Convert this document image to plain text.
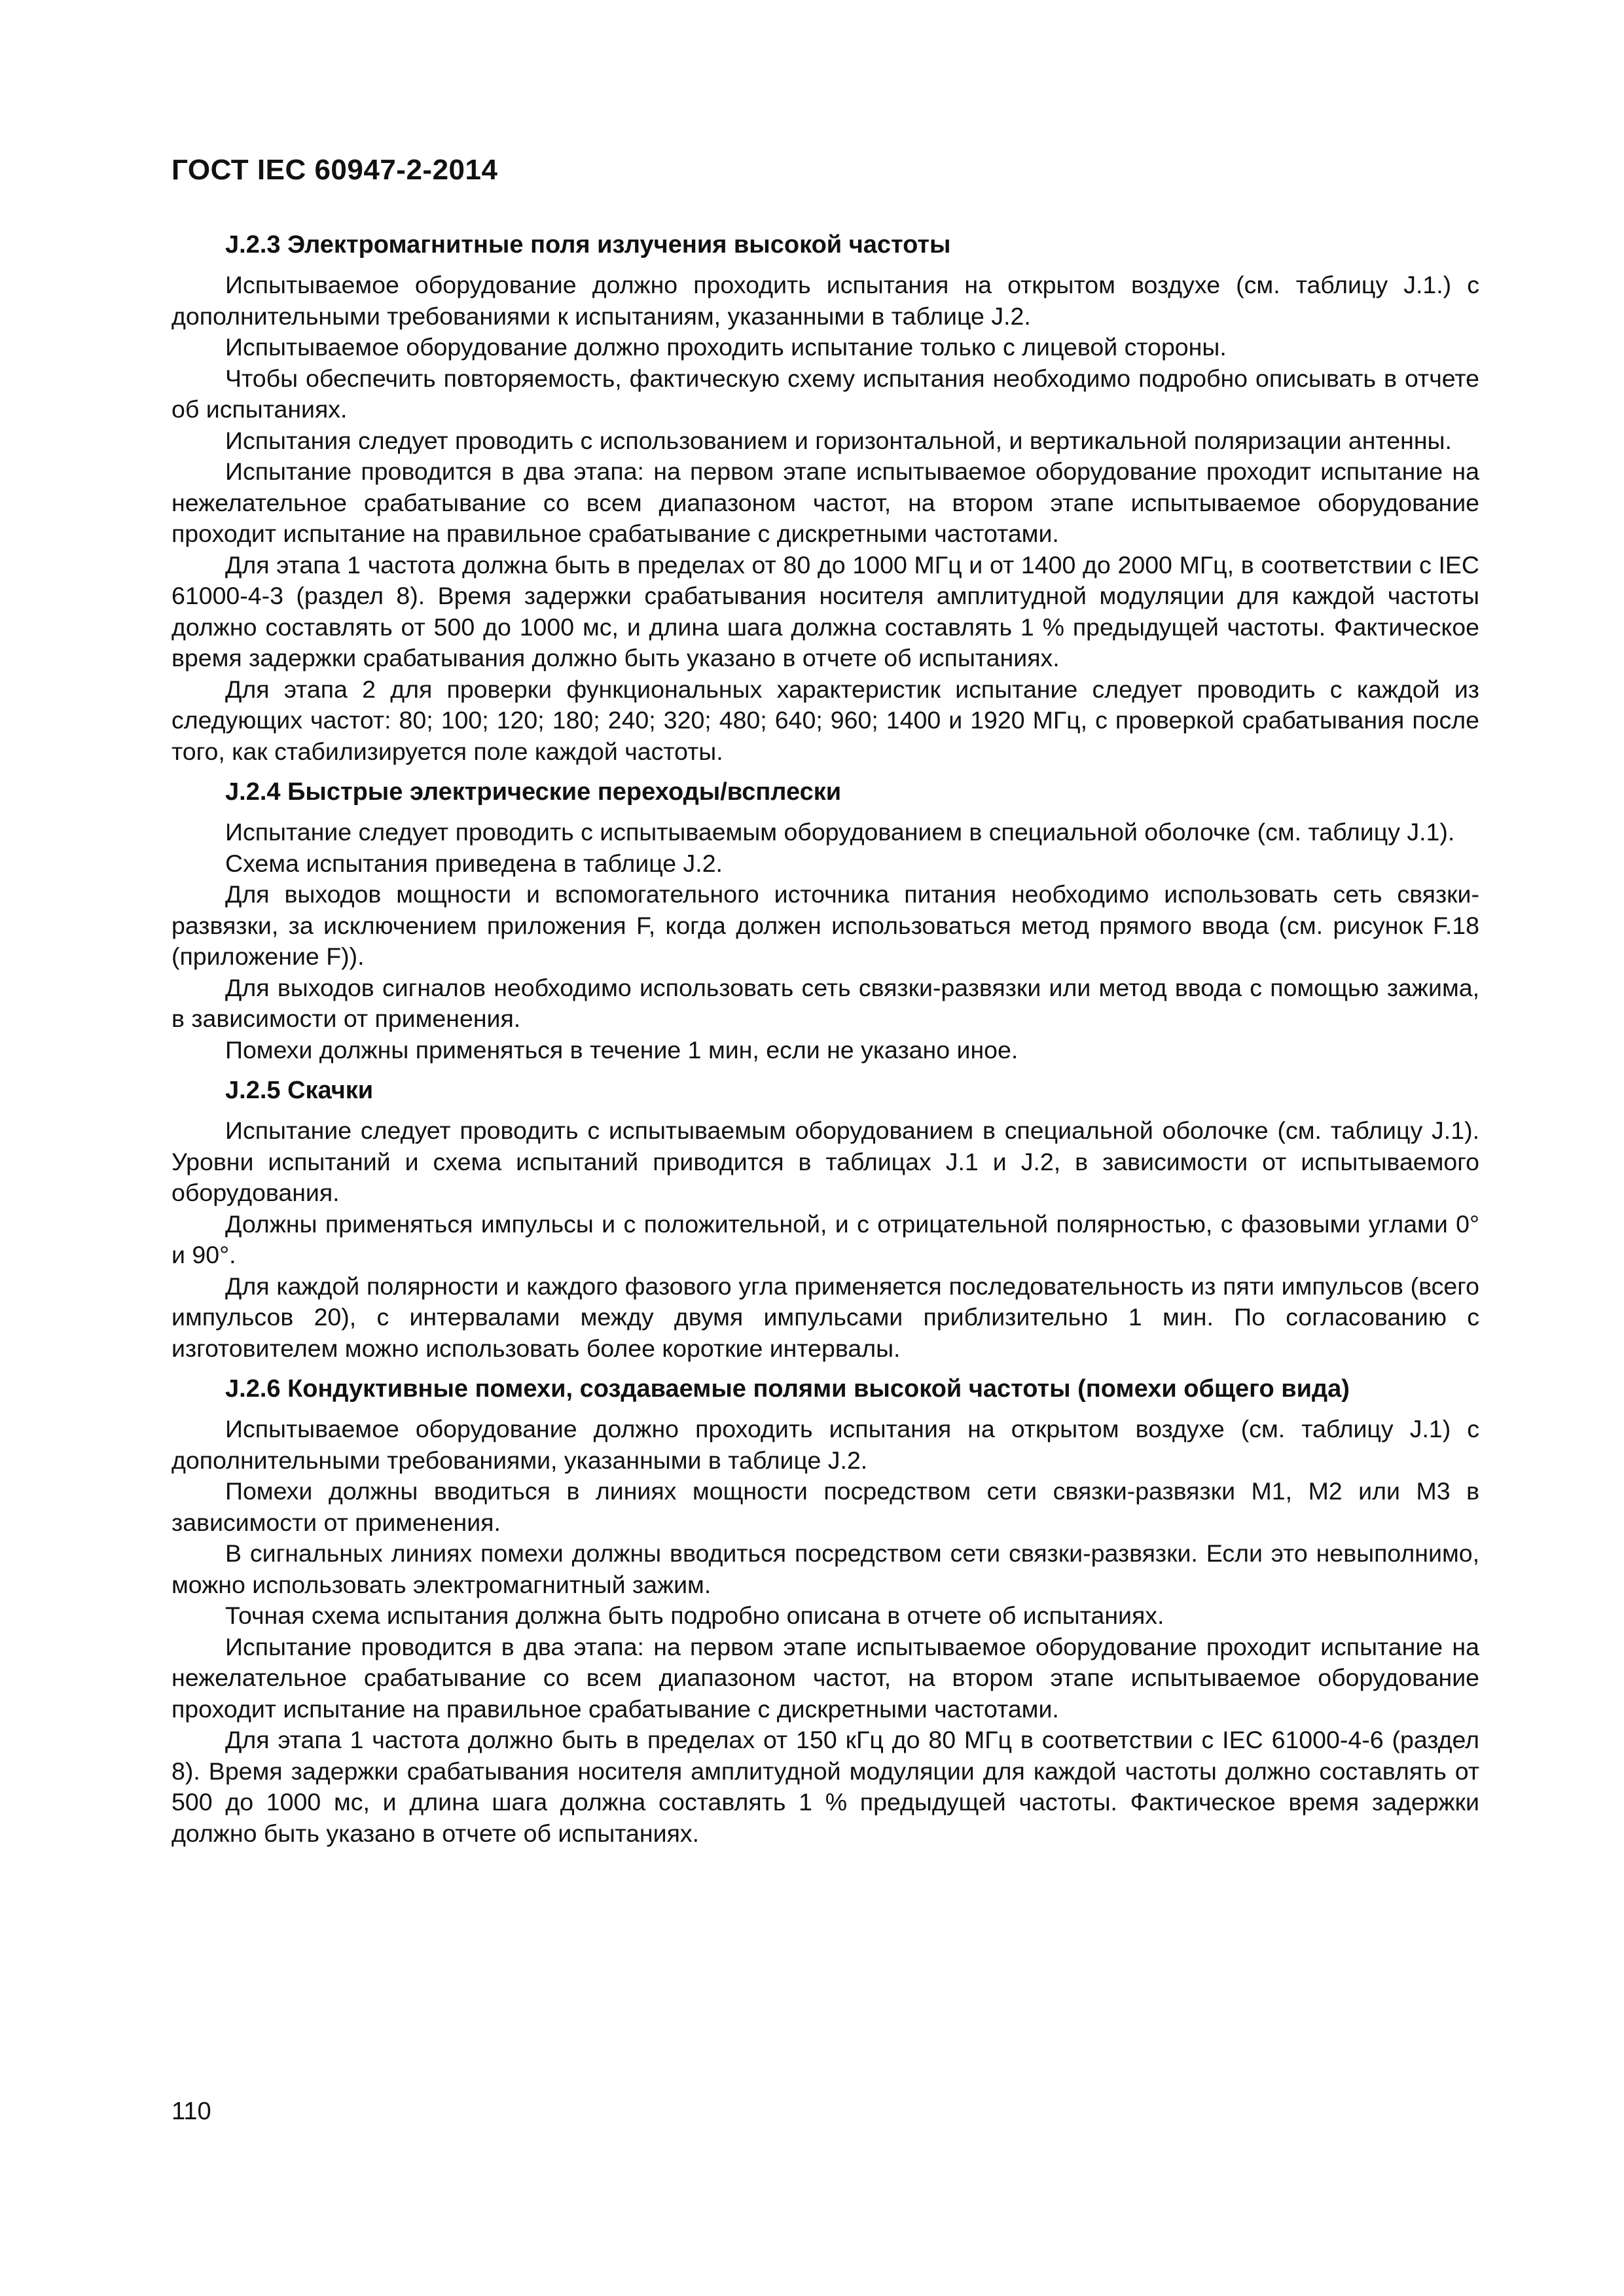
ГОСТ IEC 60947-2-2014
J.2.3 Электромагнитные поля излучения высокой частоты

Испытываемое оборудование должно проходить испытания на открытом воздухе (см. таблицу J.1.) с дополнительными требованиями к испытаниям, указанными в таблице J.2.

Испытываемое оборудование должно проходить испытание только с лицевой стороны.

Чтобы обеспечить повторяемость, фактическую схему испытания необходимо подробно описывать в отчете об испытаниях.

Испытания следует проводить с использованием и горизонтальной, и вертикальной поляризации антенны.

Испытание проводится в два этапа: на первом этапе испытываемое оборудование проходит испытание на нежелательное срабатывание со всем диапазоном частот, на втором этапе испытываемое оборудование проходит испытание на правильное срабатывание с дискретными частотами.

Для этапа 1 частота должна быть в пределах от 80 до 1000 МГц и от 1400 до 2000 МГц, в соответствии с IEC 61000-4-3 (раздел 8). Время задержки срабатывания носителя амплитудной модуляции для каждой частоты должно составлять от 500 до 1000 мс, и длина шага должна составлять 1 % предыдущей частоты. Фактическое время задержки срабатывания должно быть указано в отчете об испытаниях.

Для этапа 2 для проверки функциональных характеристик испытание следует проводить с каждой из следующих частот: 80; 100; 120; 180; 240; 320; 480; 640; 960; 1400 и 1920 МГц, с проверкой срабатывания после того, как стабилизируется поле каждой частоты.

J.2.4 Быстрые электрические переходы/всплески

Испытание следует проводить с испытываемым оборудованием в специальной оболочке (см. таблицу J.1).

Схема испытания приведена в таблице J.2.

Для выходов мощности и вспомогательного источника питания необходимо использовать сеть связки-развязки, за исключением приложения F, когда должен использоваться метод прямого ввода (см. рисунок F.18 (приложение F)).

Для выходов сигналов необходимо использовать сеть связки-развязки или метод ввода с помощью зажима, в зависимости от применения.

Помехи должны применяться в течение 1 мин, если не указано иное.

J.2.5 Скачки

Испытание следует проводить с испытываемым оборудованием в специальной оболочке (см. таблицу J.1). Уровни испытаний и схема испытаний приводится в таблицах J.1 и J.2, в зависимости от испытываемого оборудования.

Должны применяться импульсы и с положительной, и с отрицательной полярностью, с фазовыми углами 0° и 90°.

Для каждой полярности и каждого фазового угла применяется последовательность из пяти импульсов (всего импульсов 20), с интервалами между двумя импульсами приблизительно 1 мин. По согласованию с изготовителем можно использовать более короткие интервалы.

J.2.6 Кондуктивные помехи, создаваемые полями высокой частоты (помехи общего вида)

Испытываемое оборудование должно проходить испытания на открытом воздухе (см. таблицу J.1) с дополнительными требованиями, указанными в таблице J.2.

Помехи должны вводиться в линиях мощности посредством сети связки-развязки M1, M2 или M3 в зависимости от применения.

В сигнальных линиях помехи должны вводиться посредством сети связки-развязки. Если это невыполнимо, можно использовать электромагнитный зажим.

Точная схема испытания должна быть подробно описана в отчете об испытаниях.

Испытание проводится в два этапа: на первом этапе испытываемое оборудование проходит испытание на нежелательное срабатывание со всем диапазоном частот, на втором этапе испытываемое оборудование проходит испытание на правильное срабатывание с дискретными частотами.

Для этапа 1 частота должно быть в пределах от 150 кГц до 80 МГц в соответствии с IEC 61000-4-6 (раздел 8). Время задержки срабатывания носителя амплитудной модуляции для каждой частоты должно составлять от 500 до 1000 мс, и длина шага должна составлять 1 % предыдущей частоты. Фактическое время задержки должно быть указано в отчете об испытаниях.

110
